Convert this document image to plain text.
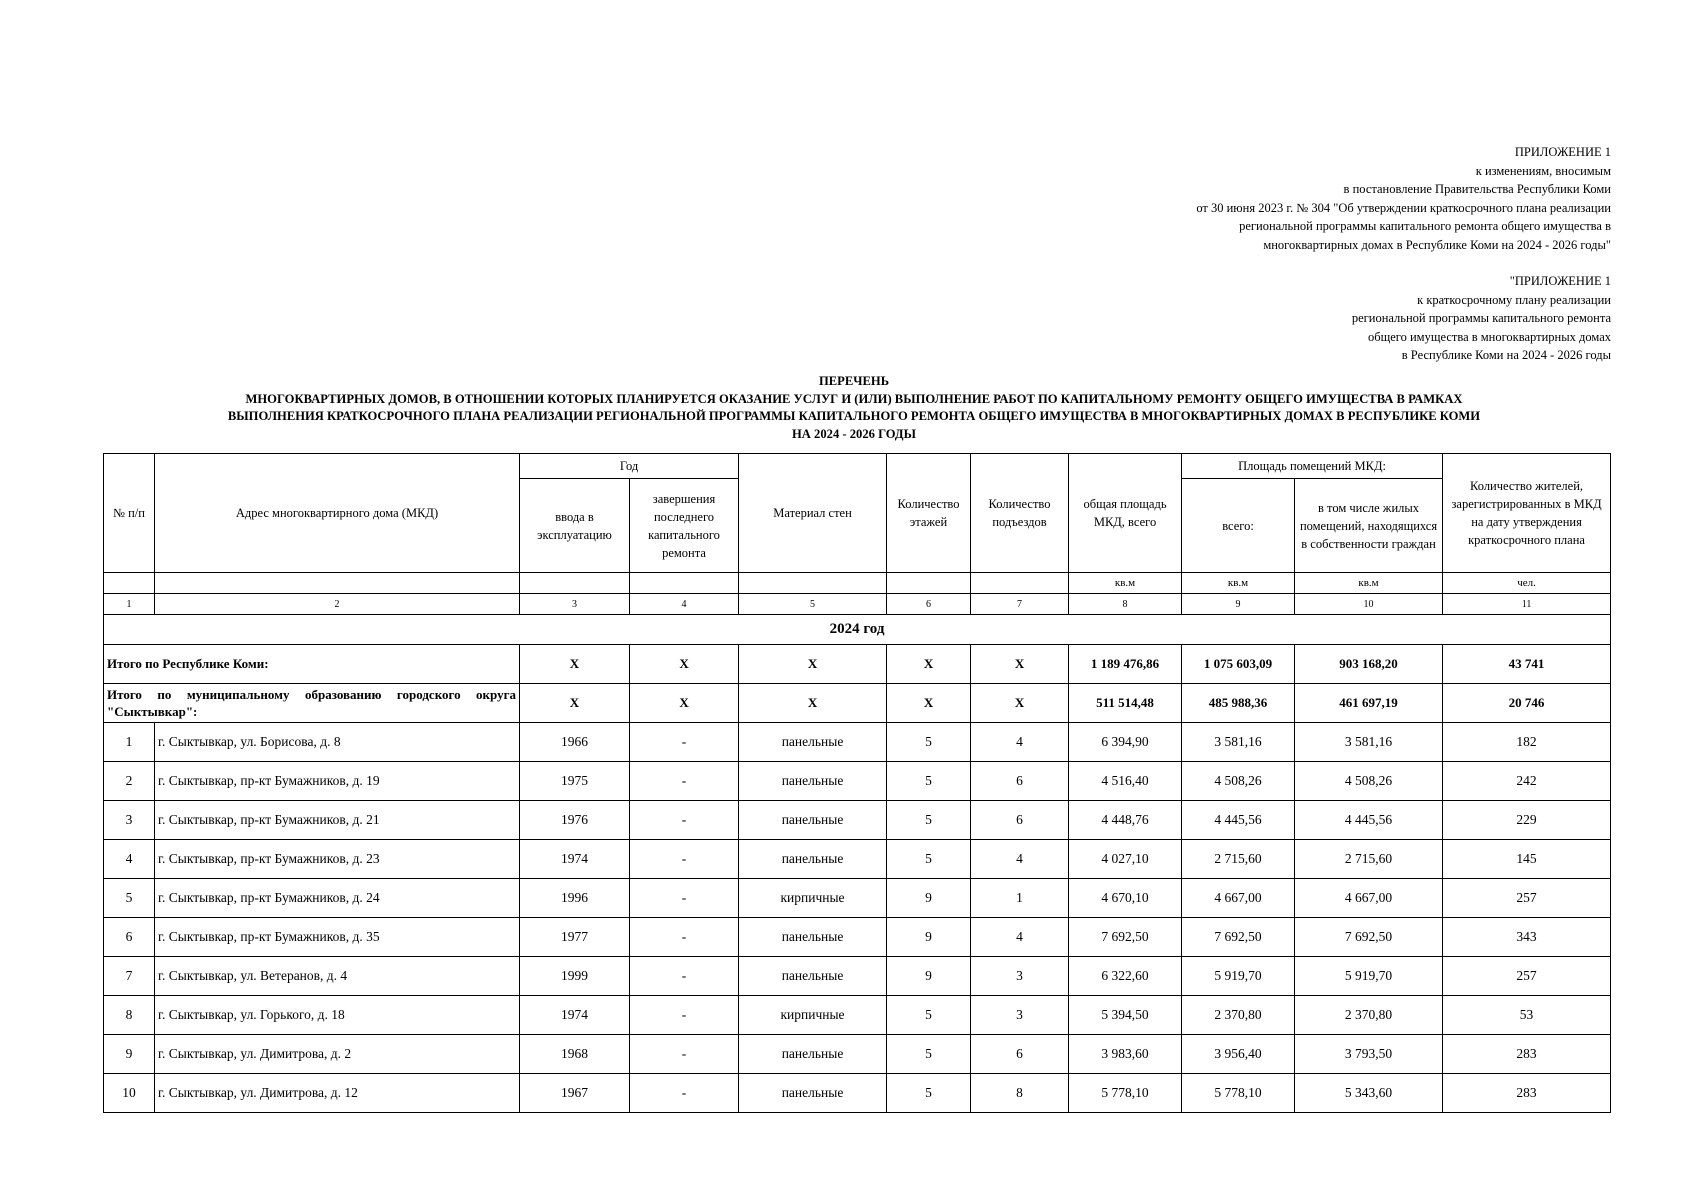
ПРИЛОЖЕНИЕ 1
к изменениям, вносимым
в постановление Правительства Республики Коми
от 30 июня 2023 г. № 304 "Об утверждении краткосрочного плана реализации
региональной программы капитального ремонта общего имущества в
многоквартирных домах в Республике Коми на 2024 - 2026 годы"
"ПРИЛОЖЕНИЕ 1
к краткосрочному плану реализации
региональной программы капитального ремонта
общего имущества в многоквартирных домах
в Республике Коми на 2024 - 2026 годы
ПЕРЕЧЕНЬ
МНОГОКВАРТИРНЫХ ДОМОВ, В ОТНОШЕНИИ КОТОРЫХ ПЛАНИРУЕТСЯ ОКАЗАНИЕ УСЛУГ И (ИЛИ) ВЫПОЛНЕНИЕ РАБОТ ПО КАПИТАЛЬНОМУ РЕМОНТУ ОБЩЕГО ИМУЩЕСТВА В РАМКАХ
ВЫПОЛНЕНИЯ КРАТКОСРОЧНОГО ПЛАНА РЕАЛИЗАЦИИ РЕГИОНАЛЬНОЙ ПРОГРАММЫ КАПИТАЛЬНОГО РЕМОНТА ОБЩЕГО ИМУЩЕСТВА В МНОГОКВАРТИРНЫХ ДОМАХ В РЕСПУБЛИКЕ КОМИ
НА 2024 - 2026 ГОДЫ
№ п/п	Адрес многоквартирного дома (МКД)	Год		Материал стен	Количество этажей	Количество подъездов	общая площадь МКД, всего	Площадь помещений МКД:		Количество жителей, зарегистрированных в МКД на дату утверждения краткосрочного плана
		ввода в эксплуатацию	завершения последнего капитального ремонта					всего:	в том числе жилых помещений, находящихся в собственности граждан	
							кв.м	кв.м	кв.м	чел.
1	2	3	4	5	6	7	8	9	10	11
2024 год										
Итого по Республике Коми:		X	X	X	X	X	1 189 476,86	1 075 603,09	903 168,20	43 741
Итого по муниципальному образованию городского округа "Сыктывкар":		X	X	X	X	X	511 514,48	485 988,36	461 697,19	20 746
1	г. Сыктывкар, ул. Борисова, д. 8	1966	-	панельные	5	4	6 394,90	3 581,16	3 581,16	182
2	г. Сыктывкар, пр-кт Бумажников, д. 19	1975	-	панельные	5	6	4 516,40	4 508,26	4 508,26	242
3	г. Сыктывкар, пр-кт Бумажников, д. 21	1976	-	панельные	5	6	4 448,76	4 445,56	4 445,56	229
4	г. Сыктывкар, пр-кт Бумажников, д. 23	1974	-	панельные	5	4	4 027,10	2 715,60	2 715,60	145
5	г. Сыктывкар, пр-кт Бумажников, д. 24	1996	-	кирпичные	9	1	4 670,10	4 667,00	4 667,00	257
6	г. Сыктывкар, пр-кт Бумажников, д. 35	1977	-	панельные	9	4	7 692,50	7 692,50	7 692,50	343
7	г. Сыктывкар, ул. Ветеранов, д. 4	1999	-	панельные	9	3	6 322,60	5 919,70	5 919,70	257
8	г. Сыктывкар, ул. Горького, д. 18	1974	-	кирпичные	5	3	5 394,50	2 370,80	2 370,80	53
9	г. Сыктывкар, ул. Димитрова, д. 2	1968	-	панельные	5	6	3 983,60	3 956,40	3 793,50	283
10	г. Сыктывкар, ул. Димитрова, д. 12	1967	-	панельные	5	8	5 778,10	5 778,10	5 343,60	283
